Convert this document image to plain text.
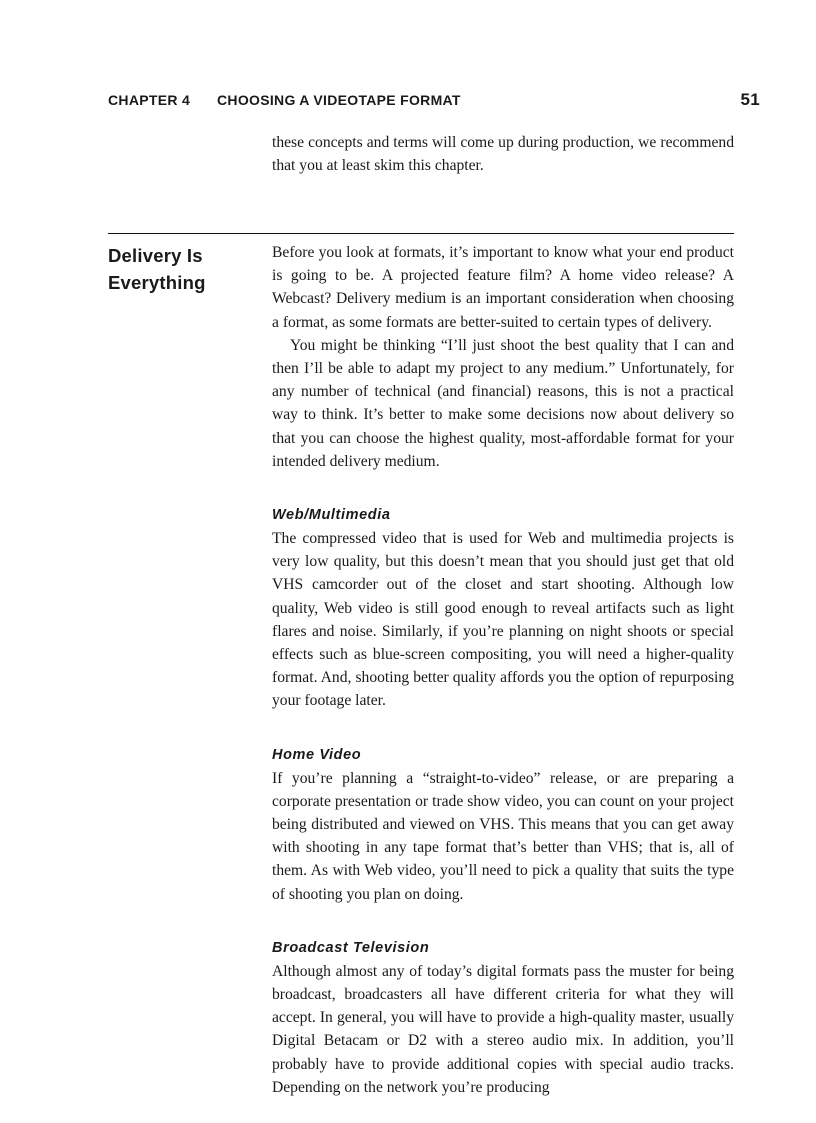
CHAPTER 4 CHOOSING A VIDEOTAPE FORMAT	51

these concepts and terms will come up during production, we recommend that you at least skim this chapter.

Delivery Is
Everything

Before you look at formats, it’s important to know what your end product is going to be. A projected feature film? A home video release? A Webcast? Delivery medium is an important consideration when choosing a format, as some formats are better-suited to certain types of delivery.

You might be thinking “I’ll just shoot the best quality that I can and then I’ll be able to adapt my project to any medium.” Unfortunately, for any number of technical (and financial) reasons, this is not a practical way to think. It’s better to make some decisions now about delivery so that you can choose the highest quality, most-affordable format for your intended delivery medium.

Web/Multimedia

The compressed video that is used for Web and multimedia projects is very low quality, but this doesn’t mean that you should just get that old VHS camcorder out of the closet and start shooting. Although low quality, Web video is still good enough to reveal artifacts such as light flares and noise. Similarly, if you’re planning on night shoots or special effects such as blue-screen compositing, you will need a higher-quality format. And, shooting better quality affords you the option of repurposing your footage later.

Home Video

If you’re planning a “straight-to-video” release, or are preparing a corporate presentation or trade show video, you can count on your project being distributed and viewed on VHS. This means that you can get away with shooting in any tape format that’s better than VHS; that is, all of them. As with Web video, you’ll need to pick a quality that suits the type of shooting you plan on doing.

Broadcast Television

Although almost any of today’s digital formats pass the muster for being broadcast, broadcasters all have different criteria for what they will accept. In general, you will have to provide a high-quality master, usually Digital Betacam or D2 with a stereo audio mix. In addition, you’ll probably have to provide additional copies with special audio tracks. Depending on the network you’re producing
